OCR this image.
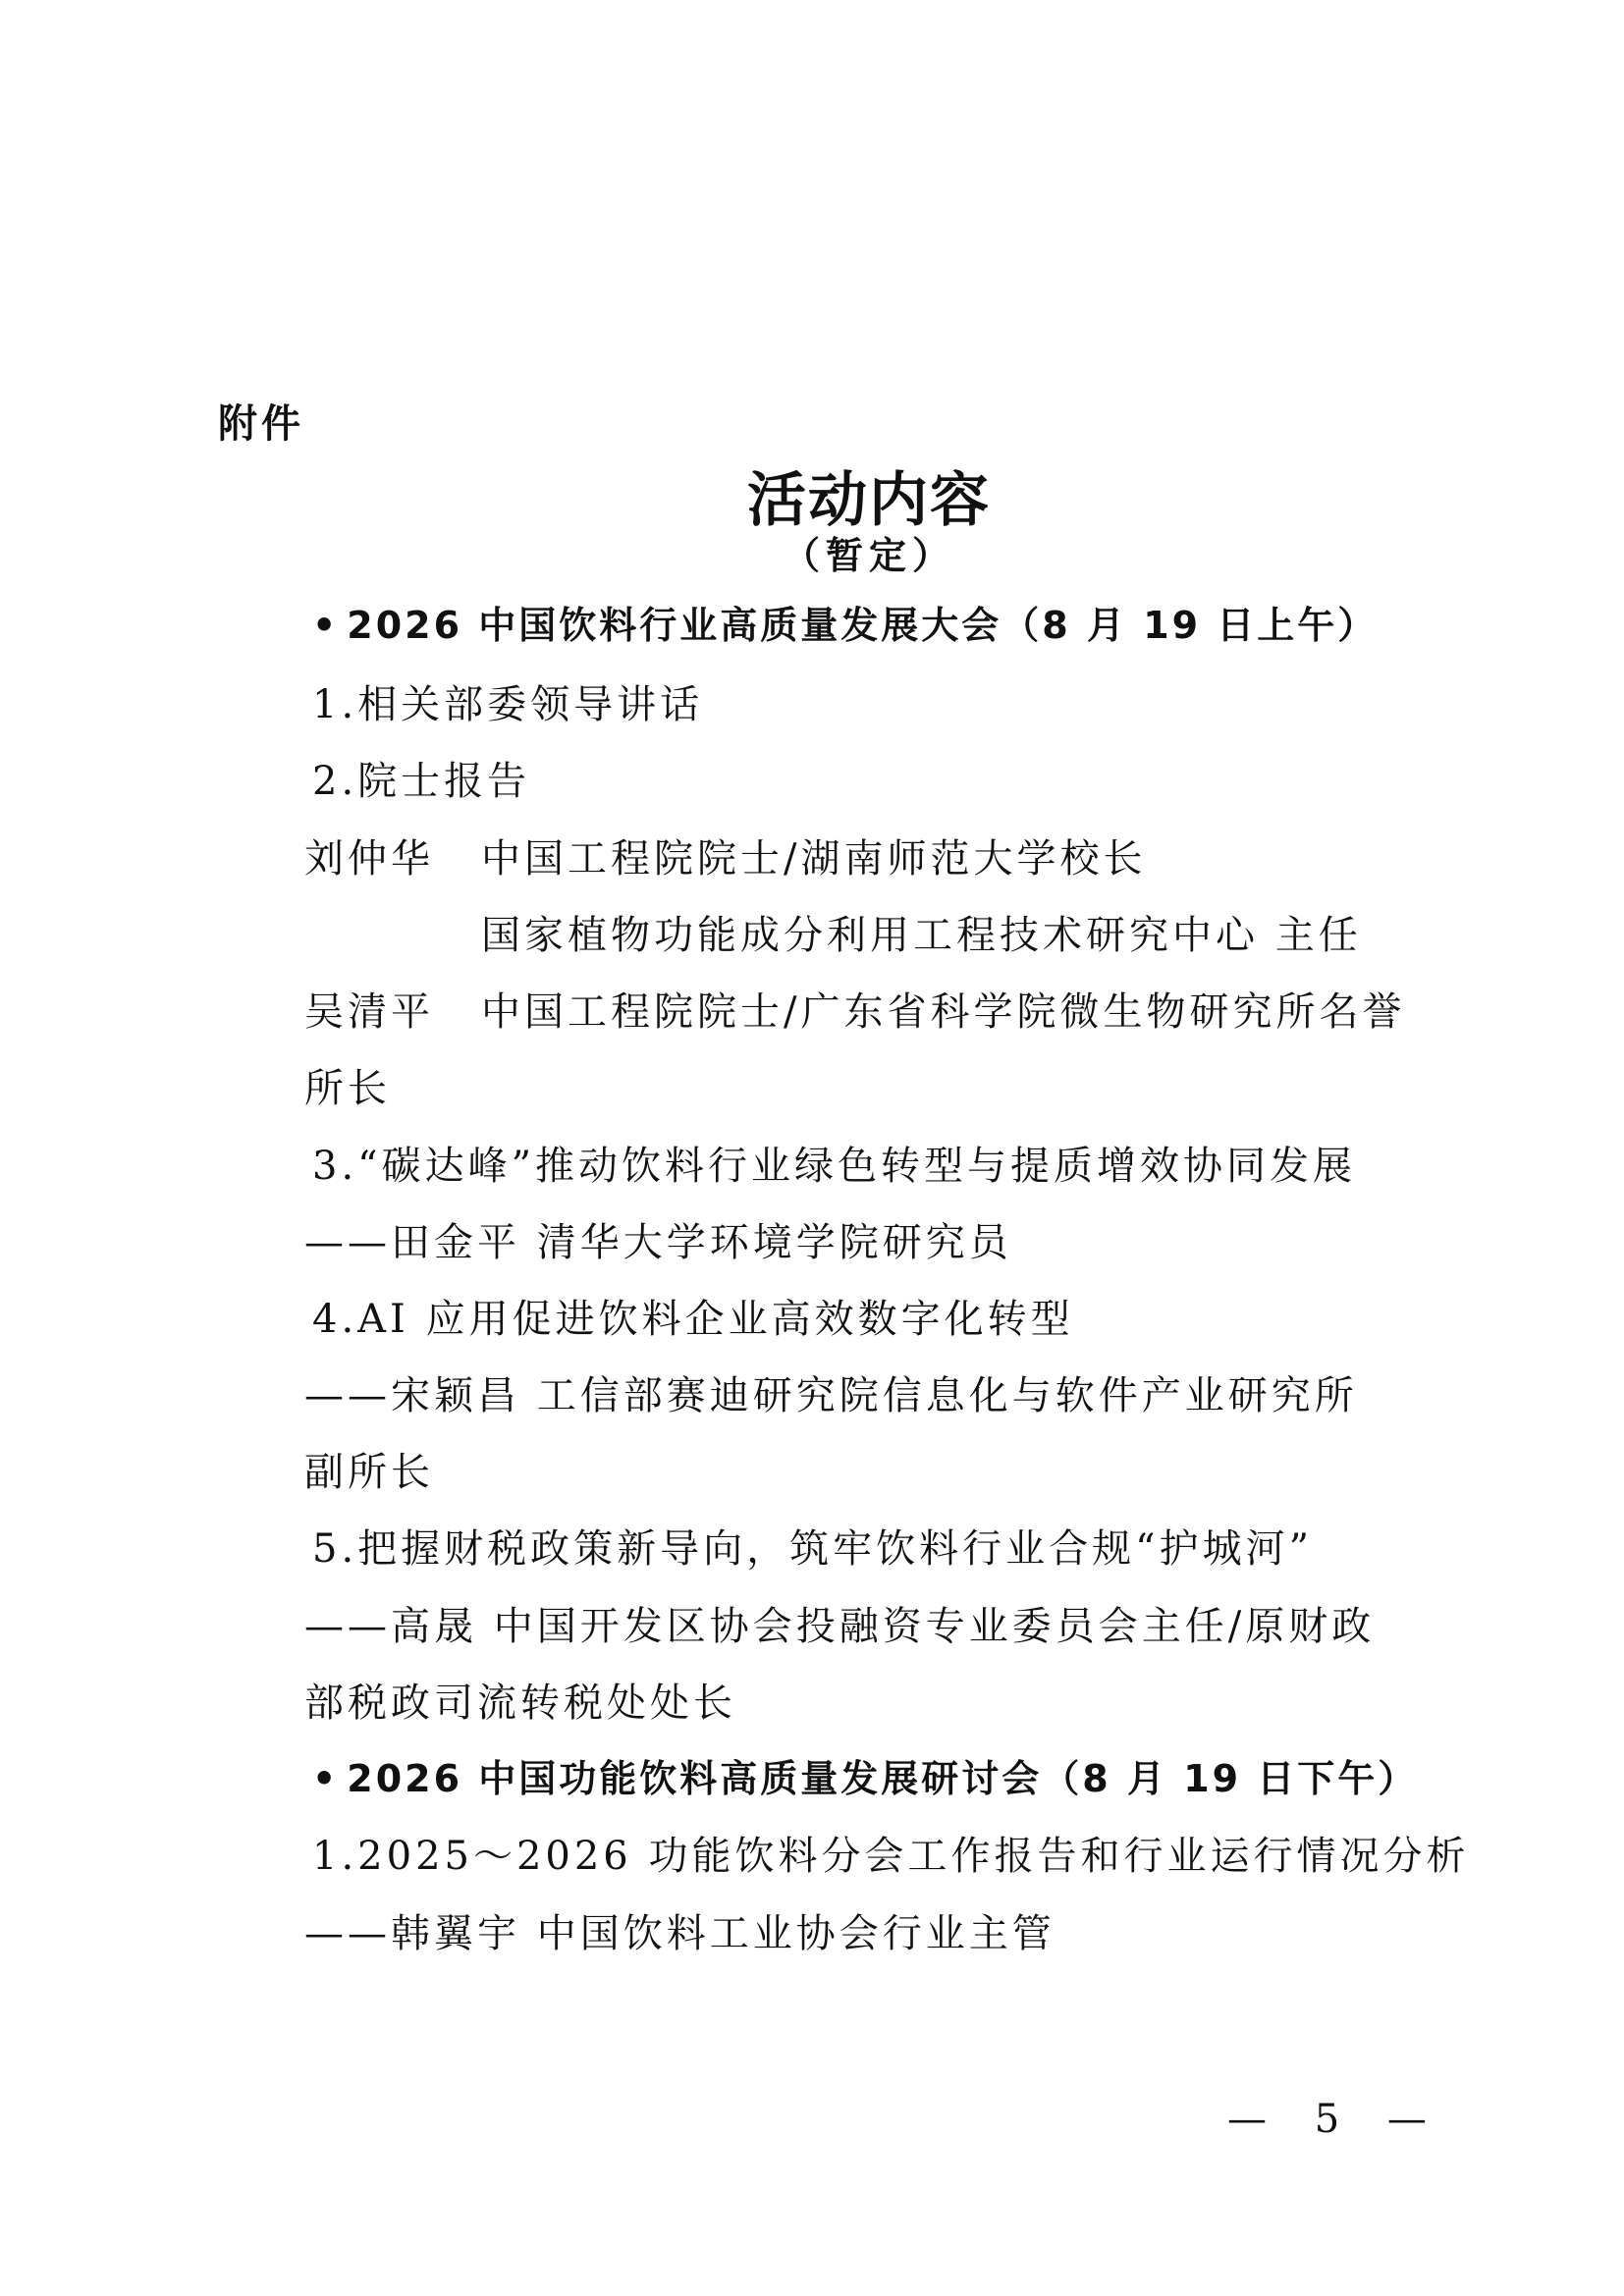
附件
活动内容
（暂定）
• 2026 中国饮料行业高质量发展大会（8 月 19 日上午）
1.相关部委领导讲话
2.院士报告
刘仲华 中国工程院院士/湖南师范大学校长
国家植物功能成分利用工程技术研究中心 主任
吴清平 中国工程院院士/广东省科学院微生物研究所名誉
所长
3.“碳达峰”推动饮料行业绿色转型与提质增效协同发展
——田金平 清华大学环境学院研究员
4.AI 应用促进饮料企业高效数字化转型
——宋颖昌 工信部赛迪研究院信息化与软件产业研究所
副所长
5.把握财税政策新导向，筑牢饮料行业合规“护城河”
——高晟 中国开发区协会投融资专业委员会主任/原财政
部税政司流转税处处长
• 2026 中国功能饮料高质量发展研讨会（8 月 19 日下午）
1.2025～2026 功能饮料分会工作报告和行业运行情况分析
——韩翼宇 中国饮料工业协会行业主管
— 5 —
